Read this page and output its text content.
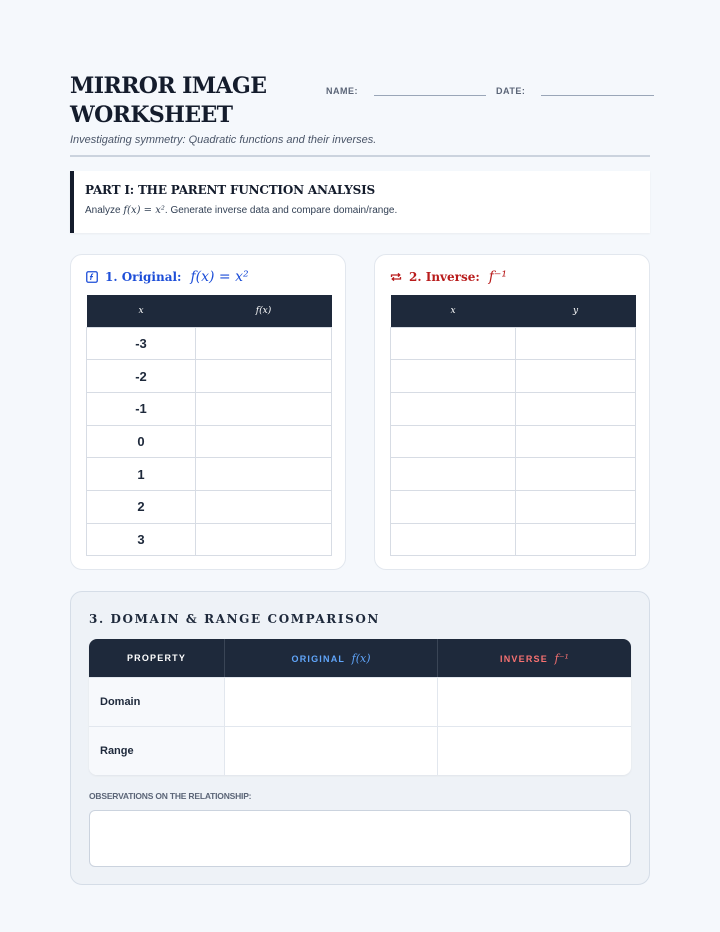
MIRROR IMAGE WORKSHEET
NAME:	DATE:
Investigating symmetry: Quadratic functions and their inverses.
PART I: THE PARENT FUNCTION ANALYSIS

Analyze f(x) = x². Generate inverse data and compare domain/range.

1. Original: f(x) = x²
x	f(x)
-3	
-2	
-1	
0	
1	
2	
3	
2. Inverse: f⁻¹
x	y

3. DOMAIN & RANGE COMPARISON
PROPERTY	ORIGINAL f(x)	INVERSE f⁻¹
Domain		
Range		
OBSERVATIONS ON THE RELATIONSHIP:
